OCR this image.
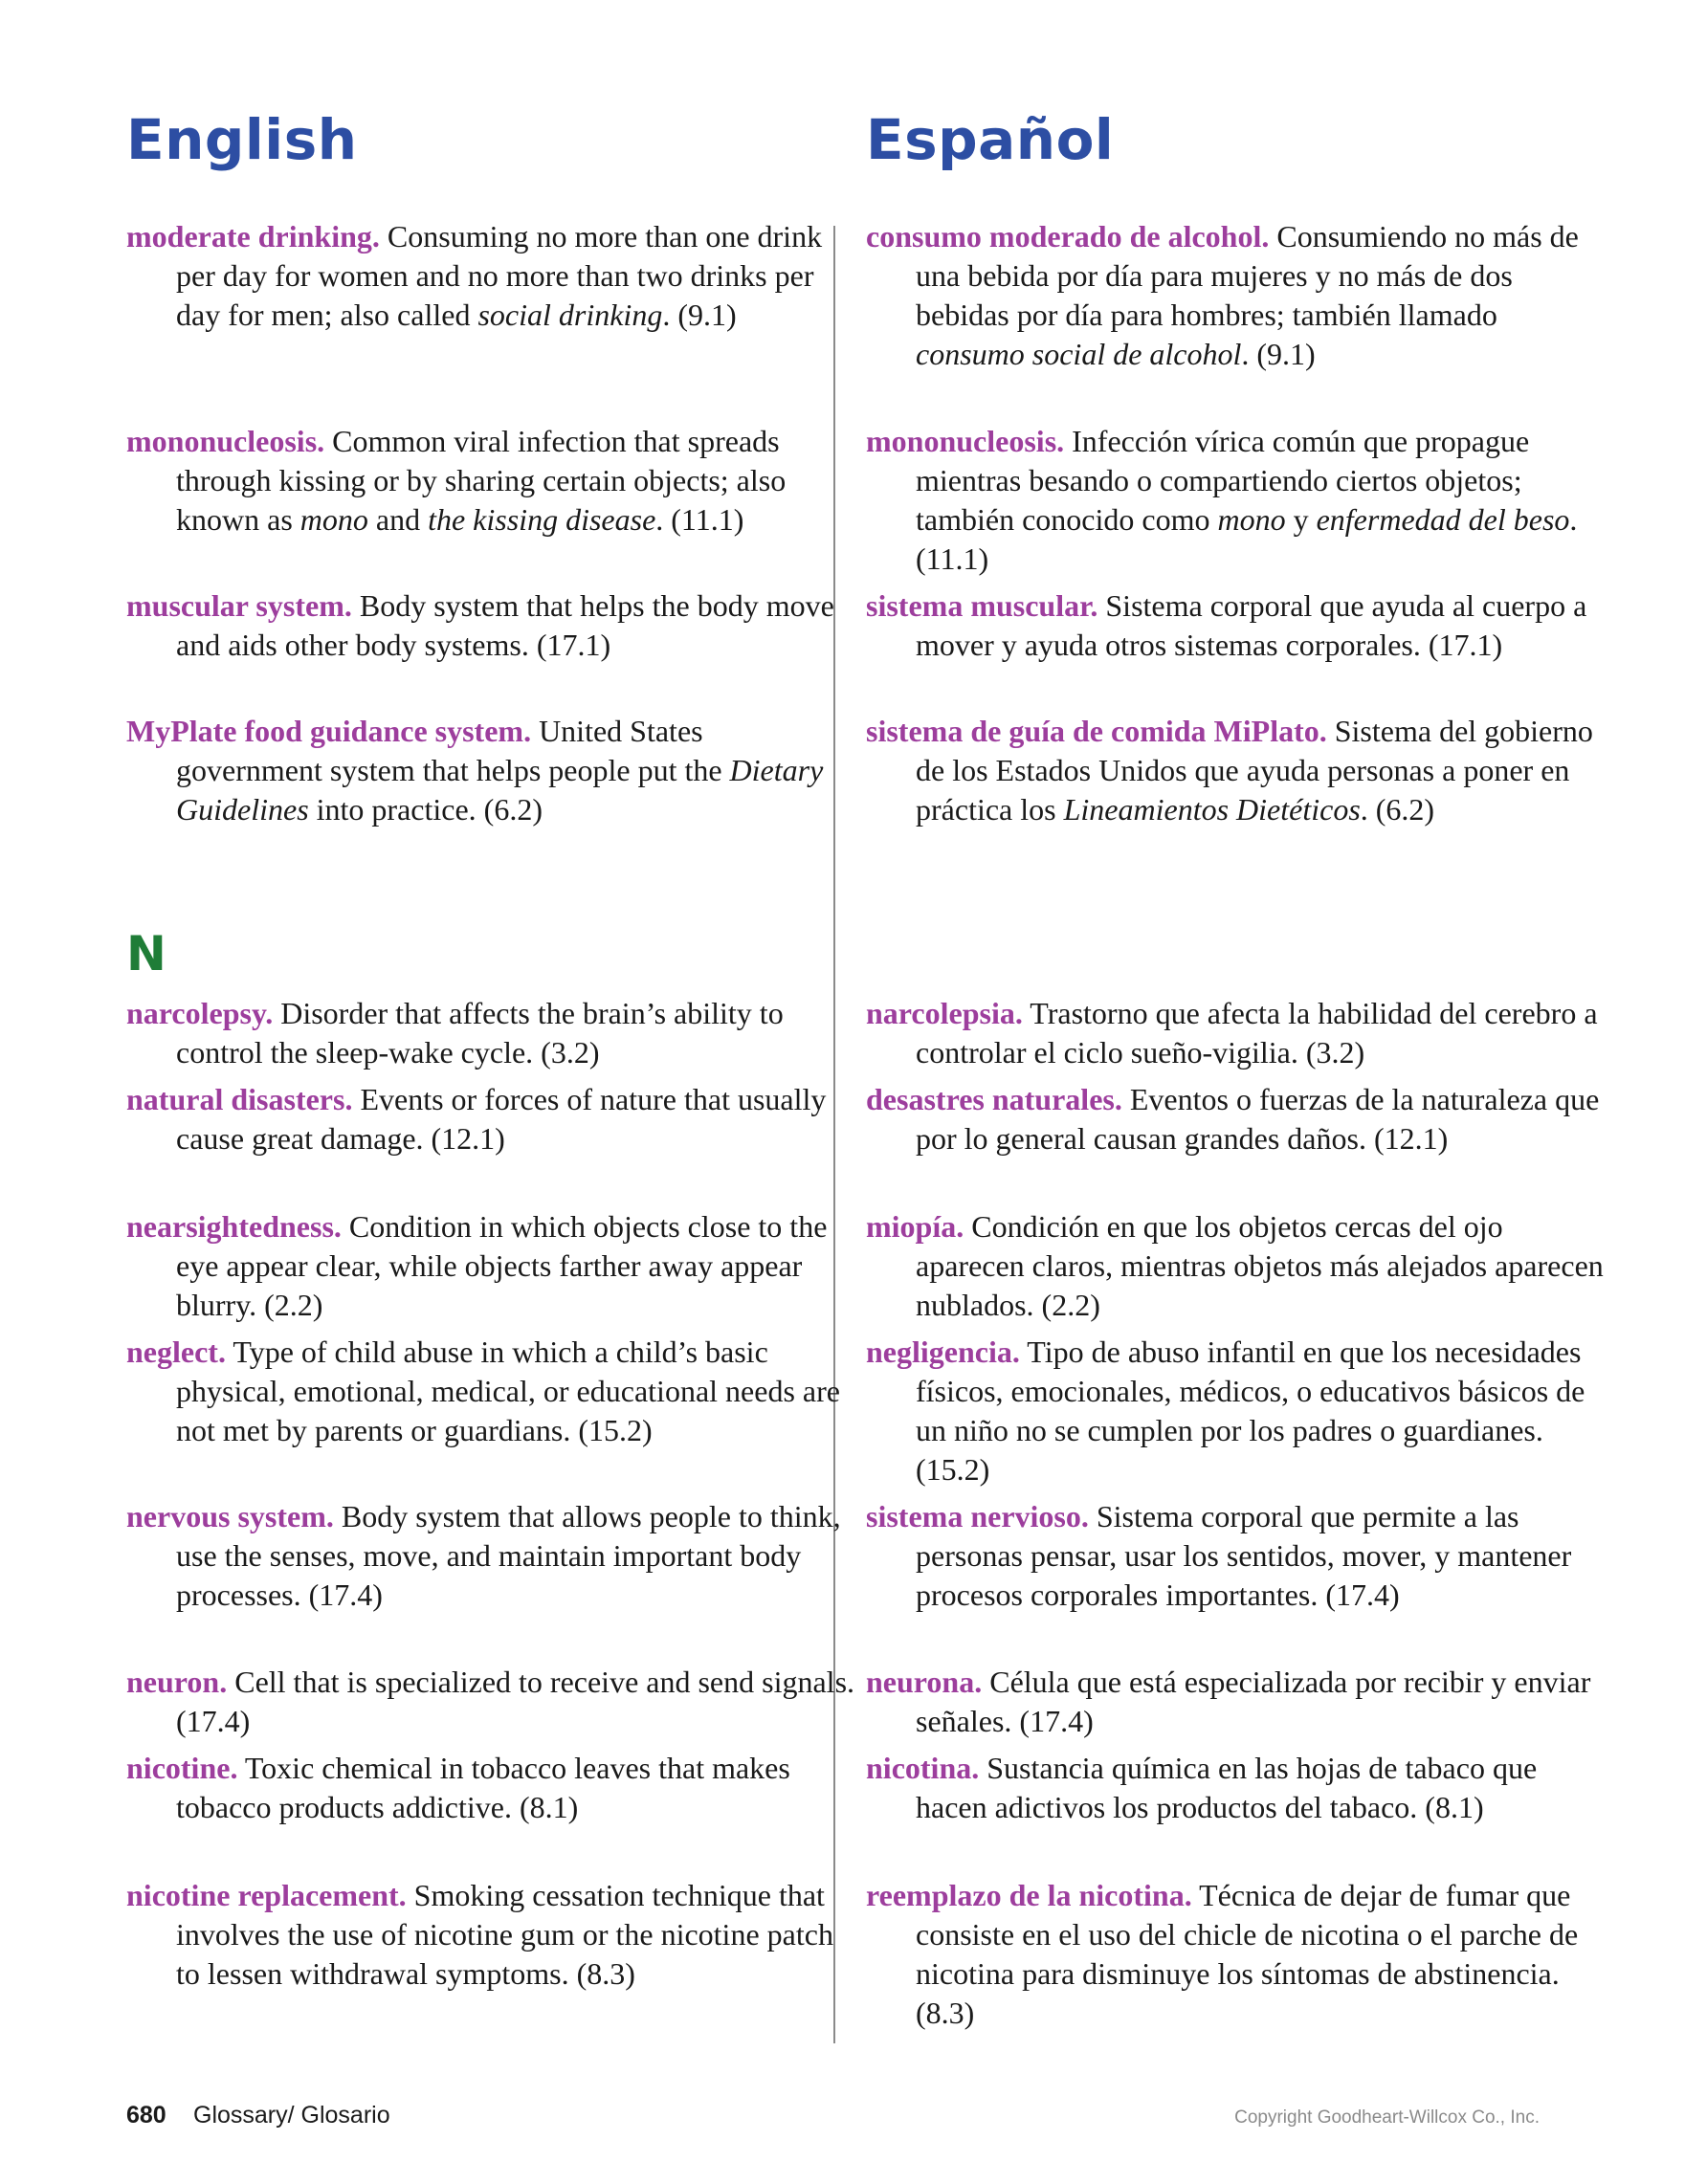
English	Español
N

moderate drinking. Consuming no more than one drink per day for women and no more than two drinks per day for men; also called social drinking. (9.1)

mononucleosis. Common viral infection that spreads through kissing or by sharing certain objects; also known as mono and the kissing disease. (11.1)

muscular system. Body system that helps the body move and aids other body systems. (17.1)

MyPlate food guidance system. United States government system that helps people put the Dietary Guidelines into practice. (6.2)

narcolepsy. Disorder that affects the brain’s ability to control the sleep-wake cycle. (3.2)

natural disasters. Events or forces of nature that usually cause great damage. (12.1)

nearsightedness. Condition in which objects close to the eye appear clear, while objects farther away appear blurry. (2.2)

neglect. Type of child abuse in which a child’s basic physical, emotional, medical, or educational needs are not met by parents or guardians. (15.2)

nervous system. Body system that allows people to think, use the senses, move, and maintain important body processes. (17.4)

neuron. Cell that is specialized to receive and send signals. (17.4)

nicotine. Toxic chemical in tobacco leaves that makes tobacco products addictive. (8.1)

nicotine replacement. Smoking cessation technique that involves the use of nicotine gum or the nicotine patch to lessen withdrawal symptoms. (8.3)

consumo moderado de alcohol. Consumiendo no más de una bebida por día para mujeres y no más de dos bebidas por día para hombres; también llamado consumo social de alcohol. (9.1)

mononucleosis. Infección vírica común que propague mientras besando o compartiendo ciertos objetos; también conocido como mono y enfermedad del beso. (11.1)

sistema muscular. Sistema corporal que ayuda al cuerpo a mover y ayuda otros sistemas corporales. (17.1)

sistema de guía de comida MiPlato. Sistema del gobierno de los Estados Unidos que ayuda personas a poner en práctica los Lineamientos Dietéticos. (6.2)

narcolepsia. Trastorno que afecta la habilidad del cerebro a controlar el ciclo sueño-vigilia. (3.2)

desastres naturales. Eventos o fuerzas de la naturaleza que por lo general causan grandes daños. (12.1)

miopía. Condición en que los objetos cercas del ojo aparecen claros, mientras objetos más alejados aparecen nublados. (2.2)

negligencia. Tipo de abuso infantil en que los necesidades físicos, emocionales, médicos, o educativos básicos de un niño no se cumplen por los padres o guardianes. (15.2)

sistema nervioso. Sistema corporal que permite a las personas pensar, usar los sentidos, mover, y mantener procesos corporales importantes. (17.4)

neurona. Célula que está especializada por recibir y enviar señales. (17.4)

nicotina. Sustancia química en las hojas de tabaco que hacen adictivos los productos del tabaco. (8.1)

reemplazo de la nicotina. Técnica de dejar de fumar que consiste en el uso del chicle de nicotina o el parche de nicotina para disminuye los síntomas de abstinencia. (8.3)

680 Glossary/ Glosario	Copyright Goodheart-Willcox Co., Inc.
